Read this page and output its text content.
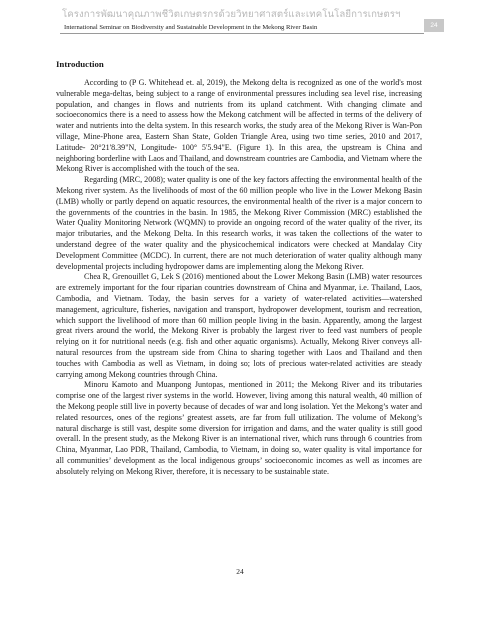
โครงการพัฒนาคุณภาพชีวิตเกษตรกรด้วยวิทยาศาสตร์และเทคโนโลยีการเกษตรฯ
International Seminar on Biodiversity and Sustainable Development in the Mekong River Basin	24
Introduction

According to (P G. Whitehead et. al, 2019), the Mekong delta is recognized as one of the world's most vulnerable mega-deltas, being subject to a range of environmental pressures including sea level rise, increasing population, and changes in flows and nutrients from its upland catchment. With changing climate and socioeconomics there is a need to assess how the Mekong catchment will be affected in terms of the delivery of water and nutrients into the delta system. In this research works, the study area of the Mekong River is Wan-Pon village, Mine-Phone area, Eastern Shan State, Golden Triangle Area, using two time series, 2010 and 2017, Latitude- 20°21'8.39"N, Longitude- 100° 5'5.94"E. (Figure 1). In this area, the upstream is China and neighboring borderline with Laos and Thailand, and downstream countries are Cambodia, and Vietnam where the Mekong River is accomplished with the touch of the sea.

Regarding (MRC, 2008); water quality is one of the key factors affecting the environmental health of the Mekong river system. As the livelihoods of most of the 60 million people who live in the Lower Mekong Basin (LMB) wholly or partly depend on aquatic resources, the environmental health of the river is a major concern to the governments of the countries in the basin. In 1985, the Mekong River Commission (MRC) established the Water Quality Monitoring Network (WQMN) to provide an ongoing record of the water quality of the river, its major tributaries, and the Mekong Delta. In this research works, it was taken the collections of the water to understand degree of the water quality and the physicochemical indicators were checked at Mandalay City Development Committee (MCDC). In current, there are not much deterioration of water quality although many developmental projects including hydropower dams are implementing along the Mekong River.

Chea R, Grenouillet G, Lek S (2016) mentioned about the Lower Mekong Basin (LMB) water resources are extremely important for the four riparian countries downstream of China and Myanmar, i.e. Thailand, Laos, Cambodia, and Vietnam. Today, the basin serves for a variety of water-related activities—watershed management, agriculture, fisheries, navigation and transport, hydropower development, tourism and recreation, which support the livelihood of more than 60 million people living in the basin. Apparently, among the largest great rivers around the world, the Mekong River is probably the largest river to feed vast numbers of people relying on it for nutritional needs (e.g. fish and other aquatic organisms). Actually, Mekong River conveys all-natural resources from the upstream side from China to sharing together with Laos and Thailand and then touches with Cambodia as well as Vietnam, in doing so; lots of precious water-related activities are steady carrying among Mekong countries through China.

Minoru Kamoto and Muanpong Juntopas, mentioned in 2011; the Mekong River and its tributaries comprise one of the largest river systems in the world. However, living among this natural wealth, 40 million of the Mekong people still live in poverty because of decades of war and long isolation. Yet the Mekong’s water and related resources, ones of the regions’ greatest assets, are far from full utilization. The volume of Mekong’s natural discharge is still vast, despite some diversion for irrigation and dams, and the water quality is still good overall. In the present study, as the Mekong River is an international river, which runs through 6 countries from China, Myanmar, Lao PDR, Thailand, Cambodia, to Vietnam, in doing so, water quality is vital importance for all communities’ development as the local indigenous groups’ socioeconomic incomes as well as incomes are absolutely relying on Mekong River, therefore, it is necessary to be sustainable state.

24
